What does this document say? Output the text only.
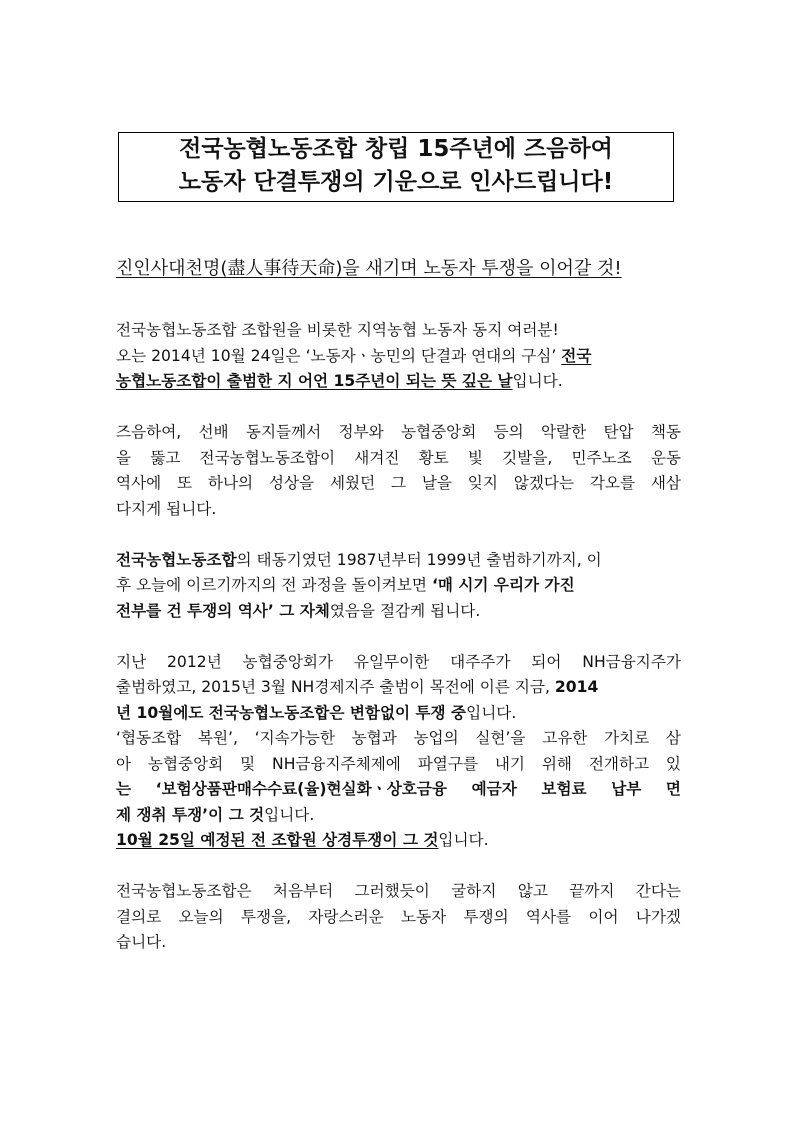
전국농협노동조합 창립 15주년에 즈음하여
노동자 단결투쟁의 기운으로 인사드립니다!
진인사대천명(盡人事待天命)을 새기며 노동자 투쟁을 이어갈 것!
전국농협노동조합 조합원을 비롯한 지역농협 노동자 동지 여러분!
오는 2014년 10월 24일은 ‘노동자ㆍ농민의 단결과 연대의 구심’ 전국
농협노동조합이 출범한 지 어언 15주년이 되는 뜻 깊은 날입니다.
즈음하여, 선배 동지들께서 정부와 농협중앙회 등의 악랄한 탄압 책동
을 뚫고 전국농협노동조합이 새겨진 황토 빛 깃발을, 민주노조 운동
역사에 또 하나의 성상을 세웠던 그 날을 잊지 않겠다는 각오를 새삼
다지게 됩니다.
전국농협노동조합의 태동기였던 1987년부터 1999년 출범하기까지, 이
후 오늘에 이르기까지의 전 과정을 돌이켜보면 ‘매 시기 우리가 가진
전부를 건 투쟁의 역사’ 그 자체였음을 절감케 됩니다.
지난 2012년 농협중앙회가 유일무이한 대주주가 되어 NH금융지주가
출범하였고, 2015년 3월 NH경제지주 출범이 목전에 이른 지금, 2014
년 10월에도 전국농협노동조합은 변함없이 투쟁 중입니다.
‘협동조합 복원’, ‘지속가능한 농협과 농업의 실현’을 고유한 가치로 삼
아 농협중앙회 및 NH금융지주체제에 파열구를 내기 위해 전개하고 있
는 ‘보험상품판매수수료(율)현실화ㆍ상호금융 예금자 보험료 납부 면
제 쟁취 투쟁’이 그 것입니다.
10월 25일 예정된 전 조합원 상경투쟁이 그 것입니다.
전국농협노동조합은 처음부터 그러했듯이 굴하지 않고 끝까지 간다는
결의로 오늘의 투쟁을, 자랑스러운 노동자 투쟁의 역사를 이어 나가겠
습니다.
